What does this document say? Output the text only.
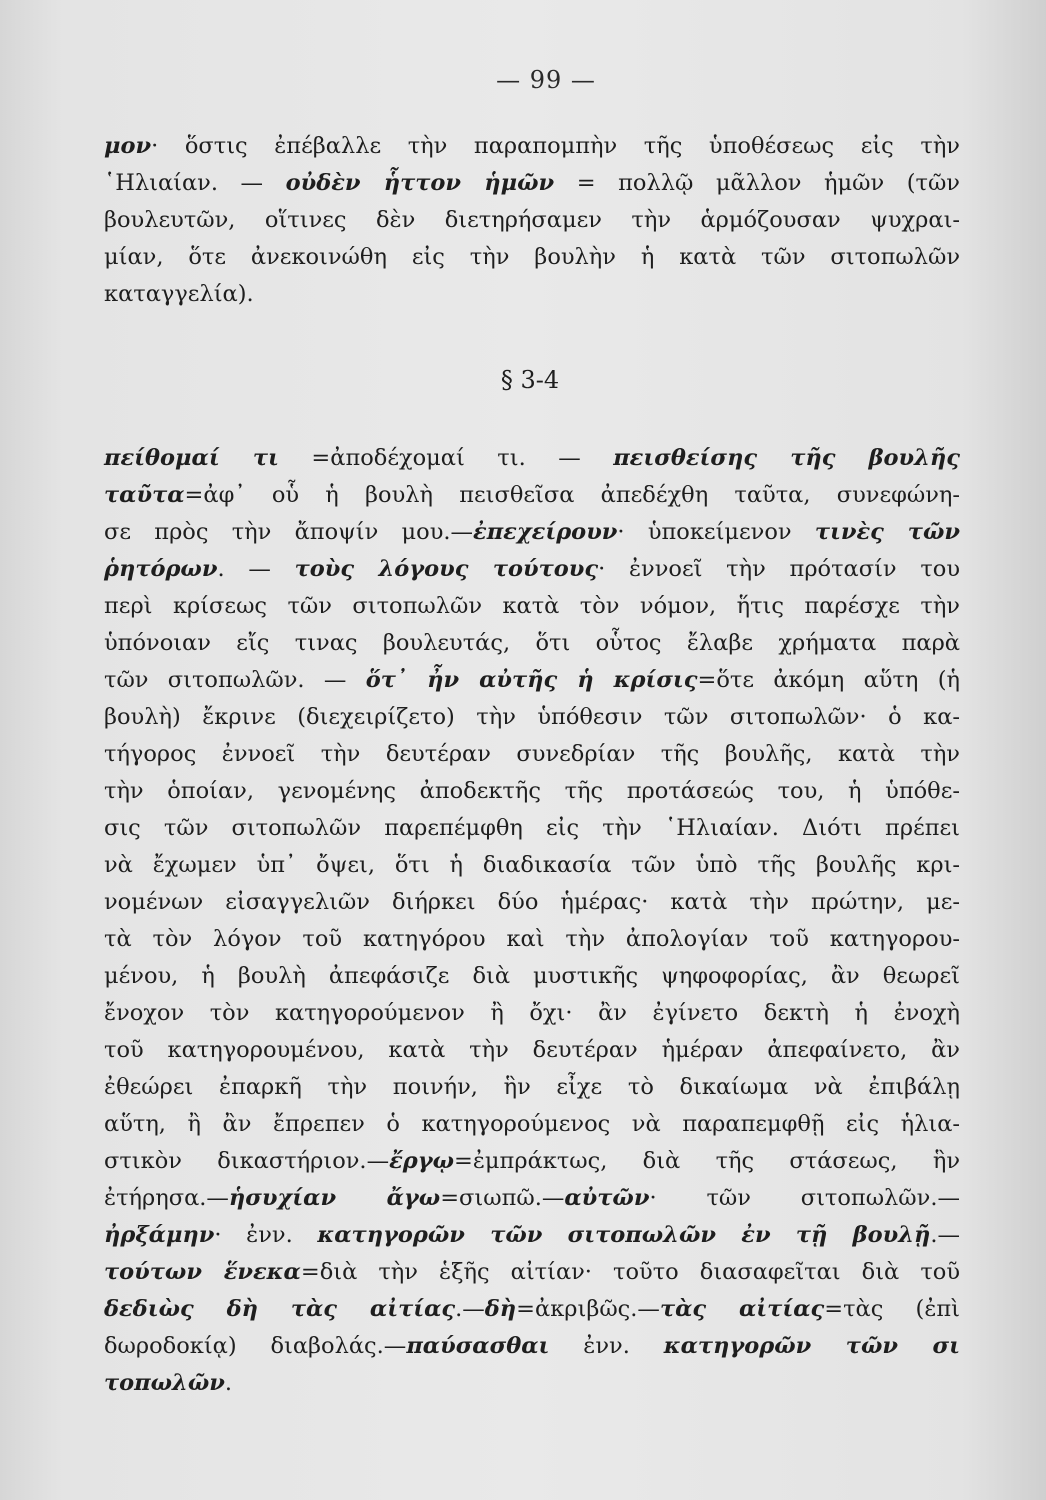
— 99 —
μον· ὅστις ἐπέβαλλε τὴν παραπομπὴν τῆς ὑποθέσεως εἰς τὴν
῾Ηλιαίαν. — οὐδὲν ἧττον ἡμῶν = πολλῷ μᾶλλον ἡμῶν (τῶν
βουλευτῶν, οἵτινες δὲν διετηρήσαμεν τὴν ἁρμόζουσαν ψυχραι-
μίαν, ὅτε ἀνεκοινώθη εἰς τὴν βουλὴν ἡ κατὰ τῶν σιτοπωλῶν
καταγγελία).
§ 3-4
πείθομαί τι =ἀποδέχομαί τι. — πεισθείσης τῆς βουλῆς
ταῦτα=ἀφ᾽ οὗ ἡ βουλὴ πεισθεῖσα ἀπεδέχθη ταῦτα, συνεφώνη-
σε πρὸς τὴν ἄποψίν μου.—ἐπεχείρουν· ὑποκείμενον τινὲς τῶν
ῥητόρων. — τοὺς λόγους τούτους· ἐννοεῖ τὴν πρότασίν του
περὶ κρίσεως τῶν σιτοπωλῶν κατὰ τὸν νόμον, ἥτις παρέσχε τὴν
ὑπόνοιαν εἴς τινας βουλευτάς, ὅτι οὗτος ἔλαβε χρήματα παρὰ
τῶν σιτοπωλῶν. — ὅτ᾽ ἦν αὐτῆς ἡ κρίσις=ὅτε ἀκόμη αὕτη (ἡ
βουλὴ) ἔκρινε (διεχειρίζετο) τὴν ὑπόθεσιν τῶν σιτοπωλῶν· ὁ κα-
τήγορος ἐννοεῖ τὴν δευτέραν συνεδρίαν τῆς βουλῆς, κατὰ τὴν
τὴν ὁποίαν, γενομένης ἀποδεκτῆς τῆς προτάσεώς του, ἡ ὑπόθε-
σις τῶν σιτοπωλῶν παρεπέμφθη εἰς τὴν ῾Ηλιαίαν. Διότι πρέπει
νὰ ἔχωμεν ὑπ᾽ ὄψει, ὅτι ἡ διαδικασία τῶν ὑπὸ τῆς βουλῆς κρι-
νομένων εἰσαγγελιῶν διήρκει δύο ἡμέρας· κατὰ τὴν πρώτην, με-
τὰ τὸν λόγον τοῦ κατηγόρου καὶ τὴν ἀπολογίαν τοῦ κατηγορου-
μένου, ἡ βουλὴ ἀπεφάσιζε διὰ μυστικῆς ψηφοφορίας, ἂν θεωρεῖ
ἔνοχον τὸν κατηγορούμενον ἢ ὄχι· ἂν ἐγίνετο δεκτὴ ἡ ἐνοχὴ
τοῦ κατηγορουμένου, κατὰ τὴν δευτέραν ἡμέραν ἀπεφαίνετο, ἂν
ἐθεώρει ἐπαρκῆ τὴν ποινήν, ἣν εἶχε τὸ δικαίωμα νὰ ἐπιβάλῃ
αὕτη, ἢ ἂν ἔπρεπεν ὁ κατηγορούμενος νὰ παραπεμφθῇ εἰς ἡλια-
στικὸν δικαστήριον.—ἔργῳ=ἐμπράκτως, διὰ τῆς στάσεως, ἣν
ἐτήρησα.—ἡσυχίαν ἄγω=σιωπῶ.—αὐτῶν· τῶν σιτοπωλῶν.—
ἠρξάμην· ἐνν. κατηγορῶν τῶν σιτοπωλῶν ἐν τῇ βουλῇ.—
τούτων ἕνεκα=διὰ τὴν ἑξῆς αἰτίαν· τοῦτο διασαφεῖται διὰ τοῦ
δεδιὼς δὴ τὰς αἰτίας.—δὴ=ἀκριβῶς.—τὰς αἰτίας=τὰς (ἐπὶ
δωροδοκίᾳ) διαβολάς.—παύσασθαι ἐνν. κατηγορῶν τῶν σι
τοπωλῶν.
